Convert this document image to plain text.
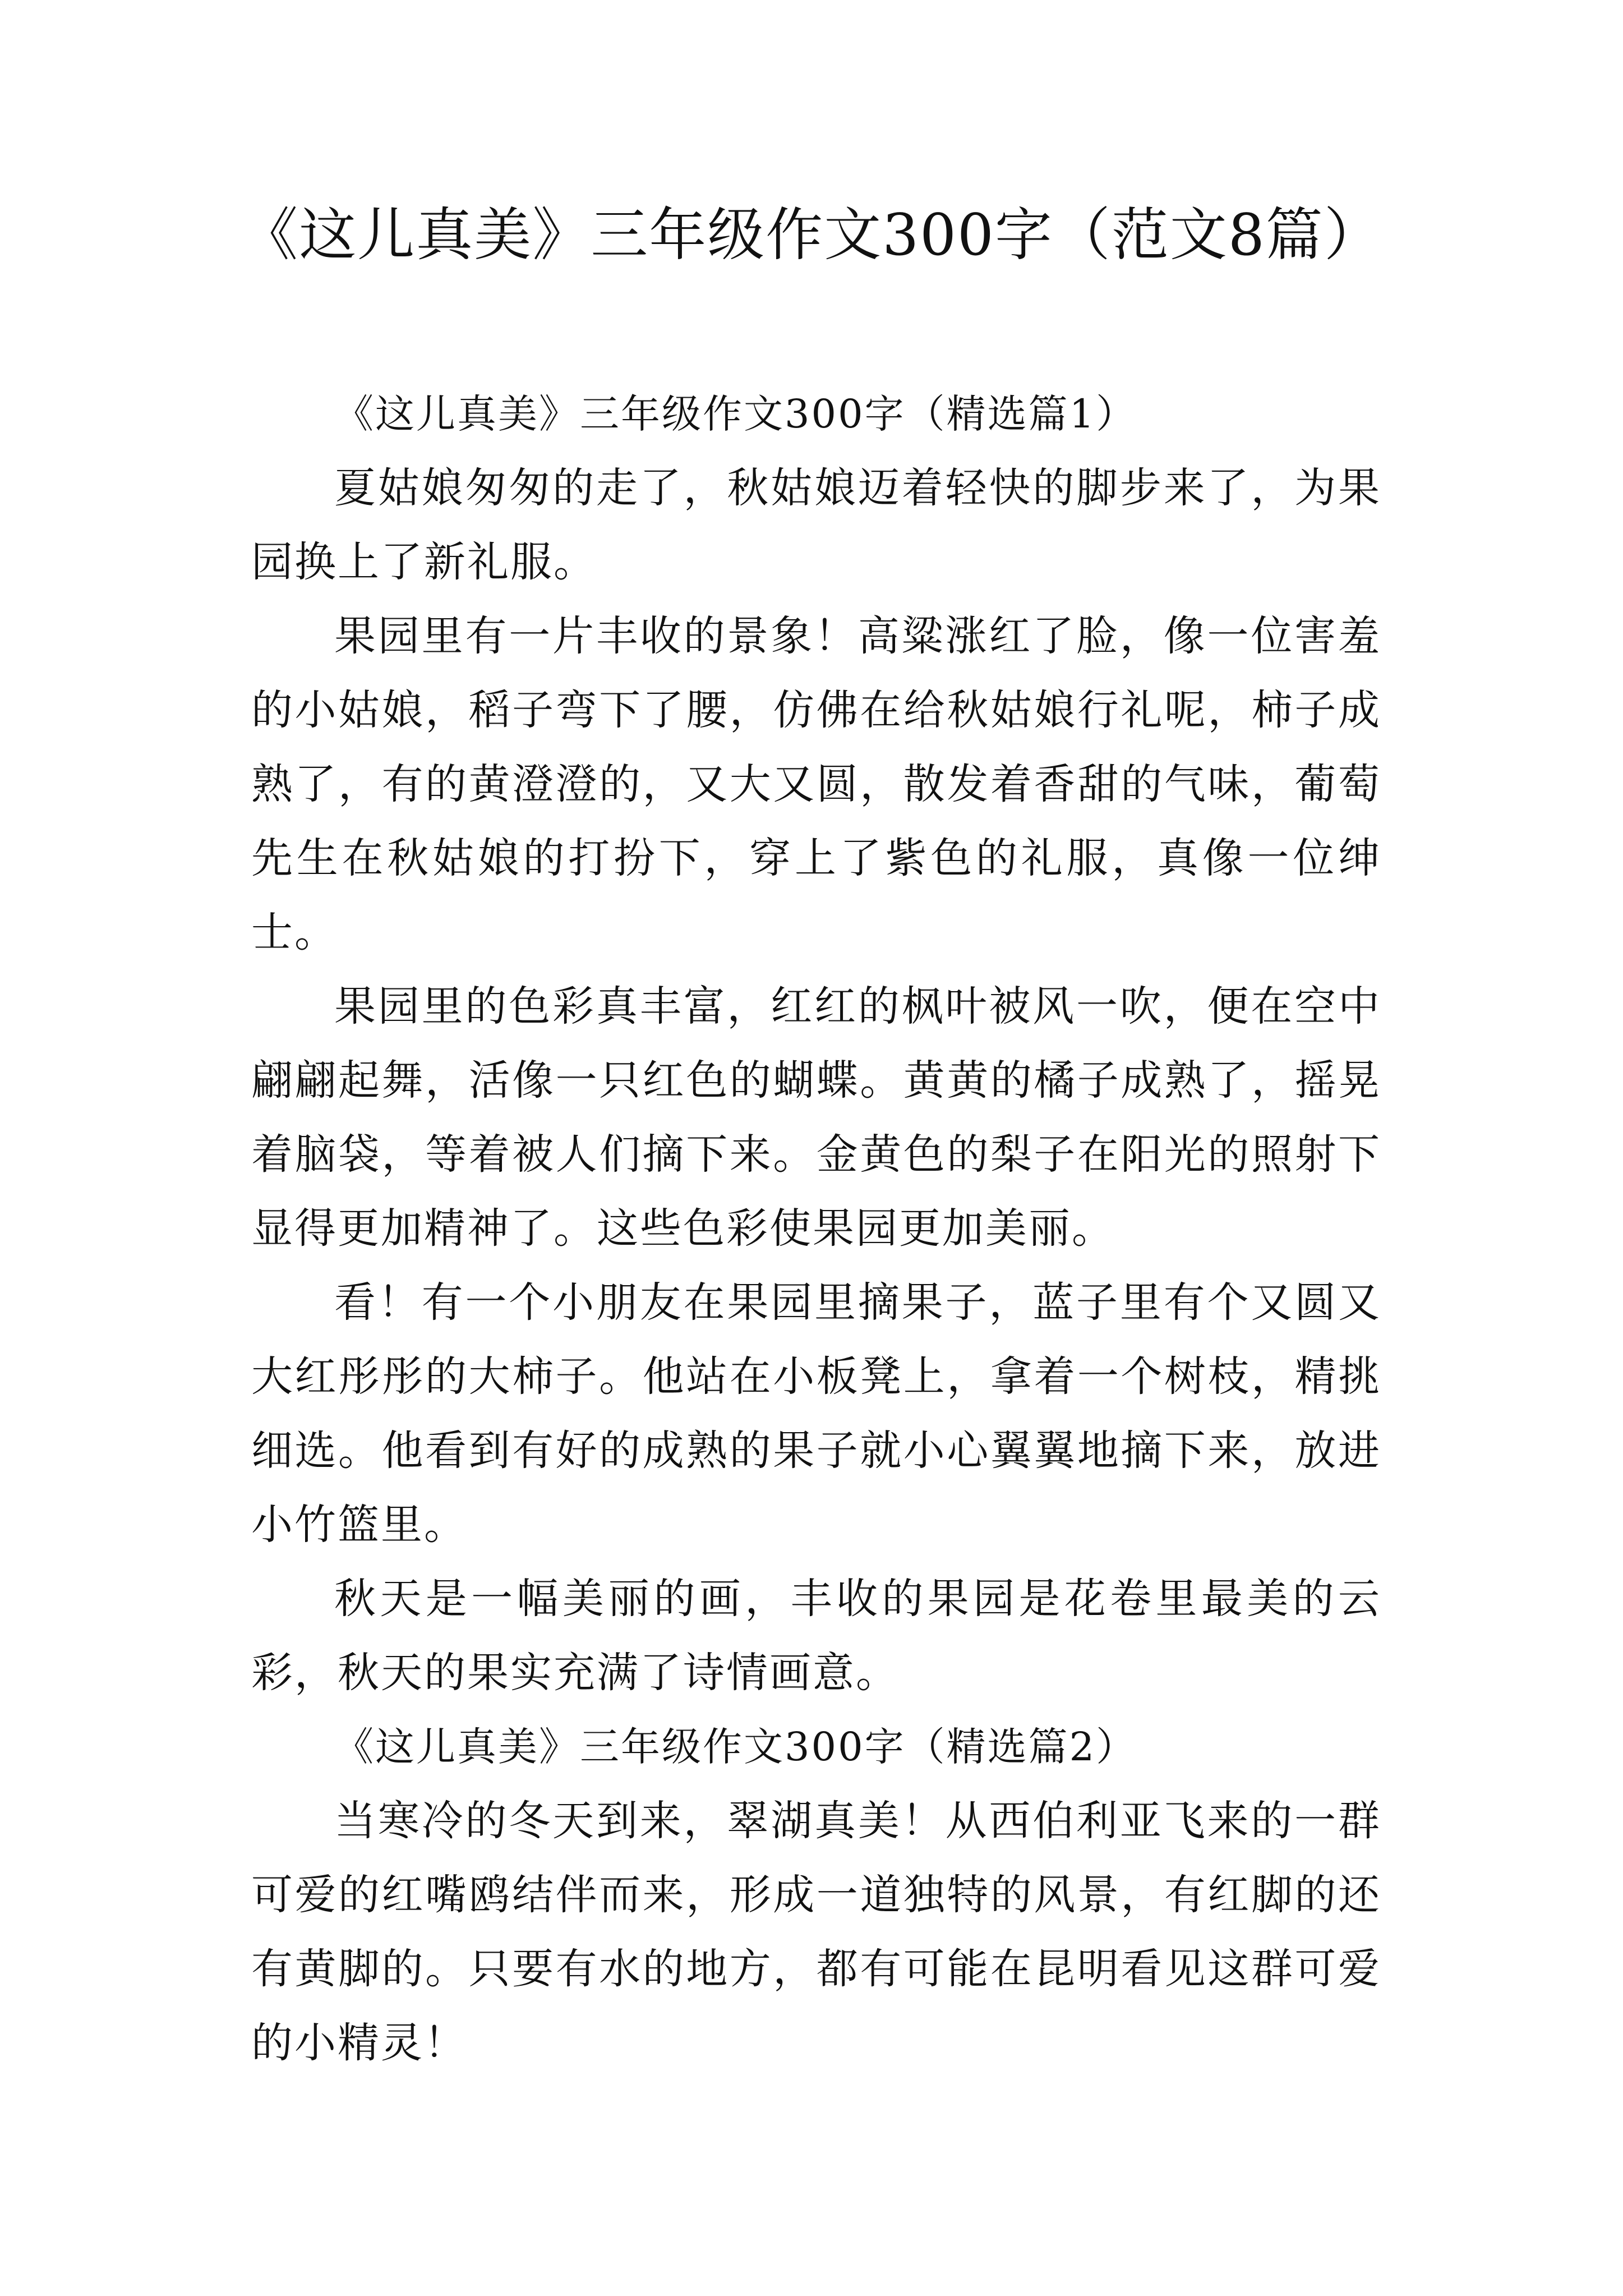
《这儿真美》三年级作文300字（范文8篇）

《这儿真美》三年级作文300字（精选篇1）

夏姑娘匆匆的走了，秋姑娘迈着轻快的脚步来了，为果园换上了新礼服。

果园里有一片丰收的景象！高粱涨红了脸，像一位害羞的小姑娘，稻子弯下了腰，仿佛在给秋姑娘行礼呢，柿子成熟了，有的黄澄澄的，又大又圆，散发着香甜的气味，葡萄先生在秋姑娘的打扮下，穿上了紫色的礼服，真像一位绅士。

果园里的色彩真丰富，红红的枫叶被风一吹，便在空中翩翩起舞，活像一只红色的蝴蝶。黄黄的橘子成熟了，摇晃着脑袋，等着被人们摘下来。金黄色的梨子在阳光的照射下显得更加精神了。这些色彩使果园更加美丽。

看！有一个小朋友在果园里摘果子，蓝子里有个又圆又大红彤彤的大柿子。他站在小板凳上，拿着一个树枝，精挑细选。他看到有好的成熟的果子就小心翼翼地摘下来，放进小竹篮里。

秋天是一幅美丽的画，丰收的果园是花卷里最美的云彩，秋天的果实充满了诗情画意。

《这儿真美》三年级作文300字（精选篇2）

当寒冷的冬天到来，翠湖真美！从西伯利亚飞来的一群可爱的红嘴鸥结伴而来，形成一道独特的风景，有红脚的还有黄脚的。只要有水的地方，都有可能在昆明看见这群可爱的小精灵！
